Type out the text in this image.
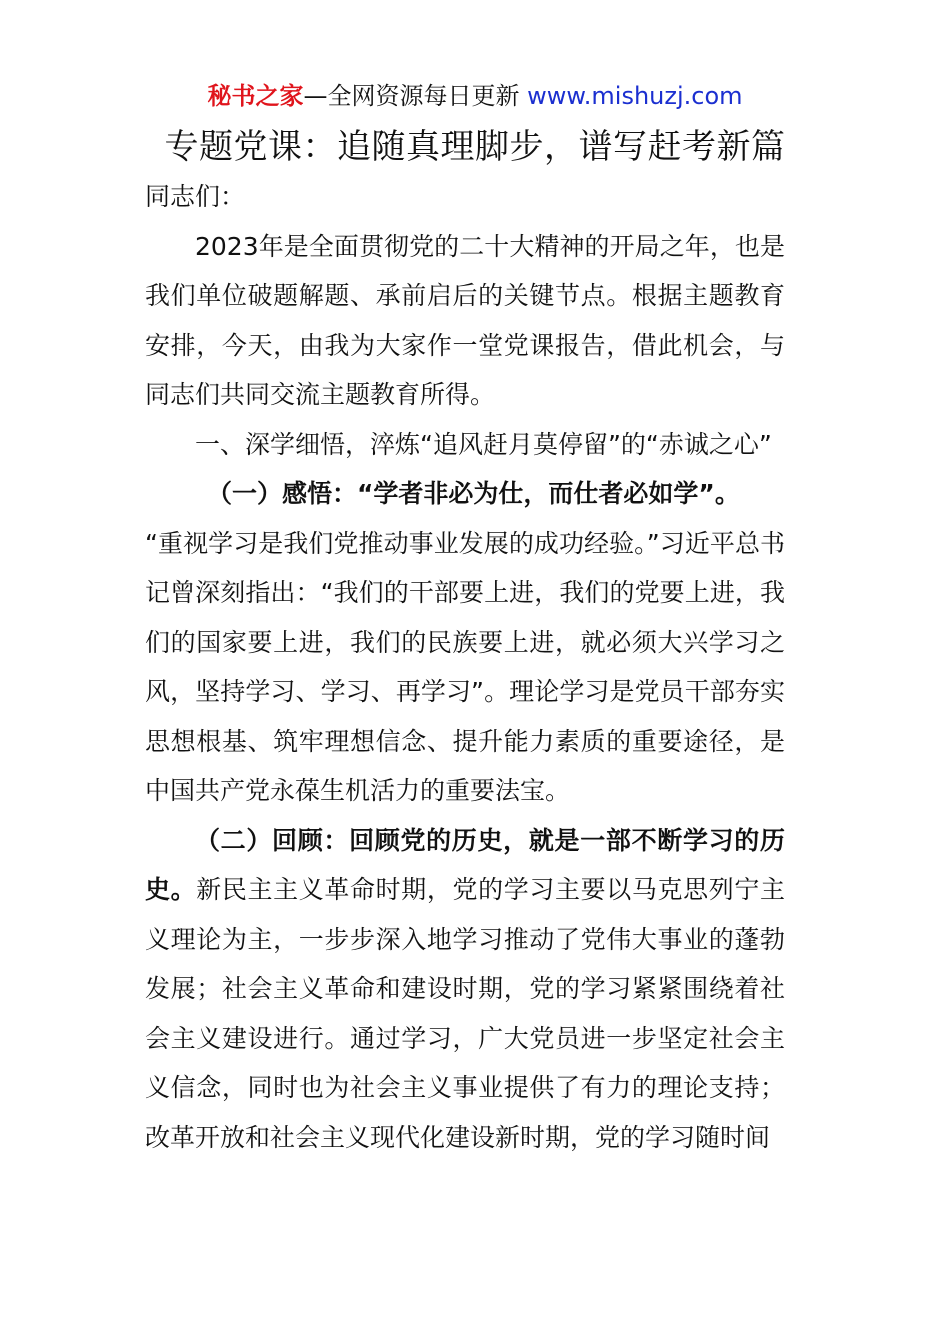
秘书之家—全网资源每日更新 www.mishuzj.com
专题党课：追随真理脚步，谱写赶考新篇

同志们：

2023年是全面贯彻党的二十大精神的开局之年，也是我们单位破题解题、承前启后的关键节点。根据主题教育安排，今天，由我为大家作一堂党课报告，借此机会，与同志们共同交流主题教育所得。

一、深学细悟，淬炼“追风赶月莫停留”的“赤诚之心”

（一）感悟：“学者非必为仕，而仕者必如学”。
“重视学习是我们党推动事业发展的成功经验。”习近平总书记曾深刻指出：“我们的干部要上进，我们的党要上进，我们的国家要上进，我们的民族要上进，就必须大兴学习之风，坚持学习、学习、再学习”。理论学习是党员干部夯实思想根基、筑牢理想信念、提升能力素质的重要途径，是中国共产党永葆生机活力的重要法宝。

（二）回顾：回顾党的历史，就是一部不断学习的历史。新民主主义革命时期，党的学习主要以马克思列宁主义理论为主，一步步深入地学习推动了党伟大事业的蓬勃发展；社会主义革命和建设时期，党的学习紧紧围绕着社会主义建设进行。通过学习，广大党员进一步坚定社会主义信念，同时也为社会主义事业提供了有力的理论支持；改革开放和社会主义现代化建设新时期，党的学习随时间
